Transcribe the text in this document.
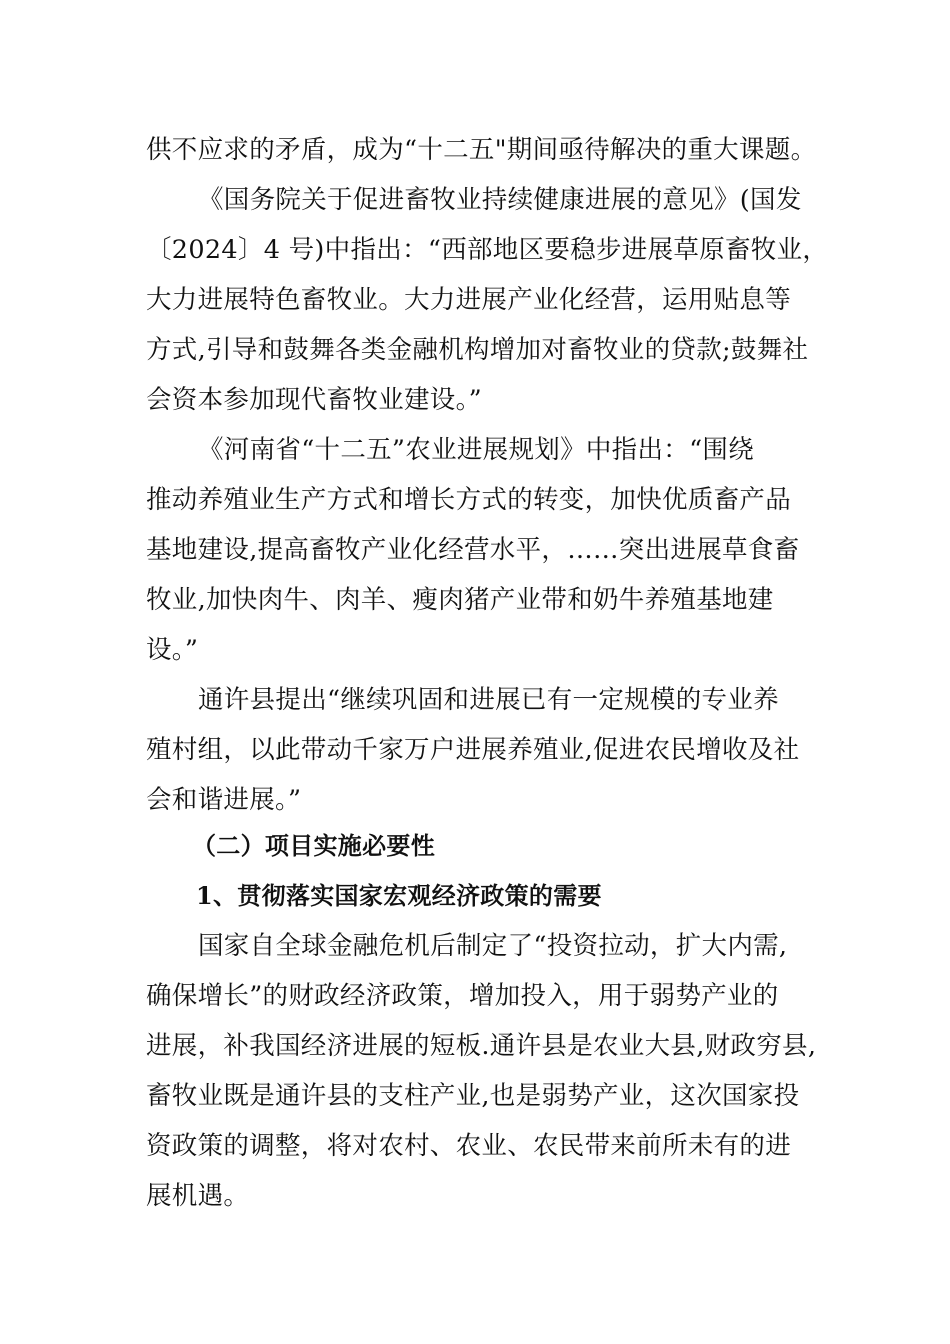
供不应求的矛盾，成为“十二五"期间亟待解决的重大课题。
《国务院关于促进畜牧业持续健康进展的意见》(国发
〔2024〕4 号)中指出：“西部地区要稳步进展草原畜牧业，
大力进展特色畜牧业。大力进展产业化经营，运用贴息等
方式,引导和鼓舞各类金融机构增加对畜牧业的贷款;鼓舞社
会资本参加现代畜牧业建设。”
《河南省“十二五”农业进展规划》中指出：“围绕
推动养殖业生产方式和增长方式的转变，加快优质畜产品
基地建设,提高畜牧产业化经营水平，……突出进展草食畜
牧业,加快肉牛、肉羊、瘦肉猪产业带和奶牛养殖基地建
设。”
通许县提出“继续巩固和进展已有一定规模的专业养
殖村组，以此带动千家万户进展养殖业,促进农民增收及社
会和谐进展。”
（二）项目实施必要性
1、贯彻落实国家宏观经济政策的需要
国家自全球金融危机后制定了“投资拉动，扩大内需,
确保增长”的财政经济政策，增加投入，用于弱势产业的
进展，补我国经济进展的短板.通许县是农业大县,财政穷县,
畜牧业既是通许县的支柱产业,也是弱势产业，这次国家投
资政策的调整，将对农村、农业、农民带来前所未有的进
展机遇。
